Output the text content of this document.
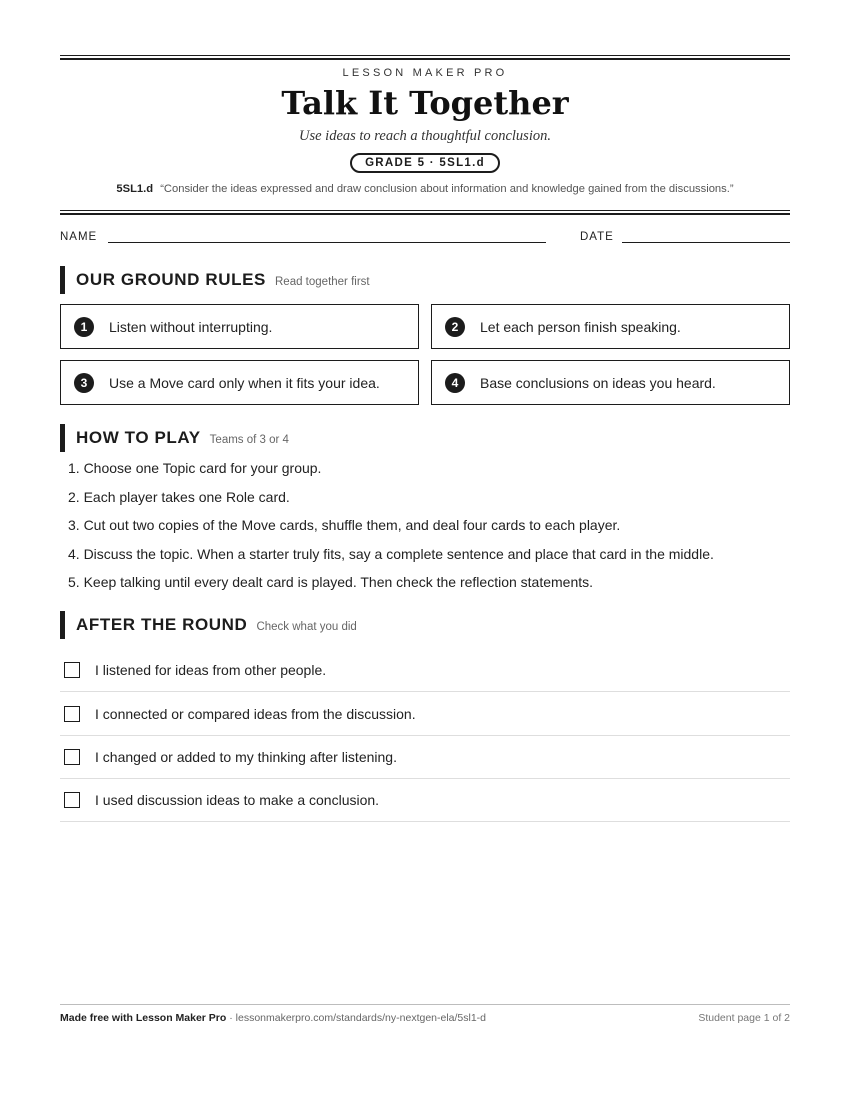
LESSON MAKER PRO
Talk It Together
Use ideas to reach a thoughtful conclusion.
GRADE 5 · 5SL1.d
5SL1.d “Consider the ideas expressed and draw conclusion about information and knowledge gained from the discussions.”
NAME	DATE
OUR GROUND RULES Read together first
1	Listen without interrupting.	2	Let each person finish speaking.
3	Use a Move card only when it fits your idea.	4	Base conclusions on ideas you heard.
HOW TO PLAY Teams of 3 or 4
1. Choose one Topic card for your group.
2. Each player takes one Role card.
3. Cut out two copies of the Move cards, shuffle them, and deal four cards to each player.
4. Discuss the topic. When a starter truly fits, say a complete sentence and place that card in the middle.
5. Keep talking until every dealt card is played. Then check the reflection statements.
AFTER THE ROUND Check what you did
I listened for ideas from other people.
I connected or compared ideas from the discussion.
I changed or added to my thinking after listening.
I used discussion ideas to make a conclusion.
Made free with Lesson Maker Pro · lessonmakerpro.com/standards/ny-nextgen-ela/5sl1-d	Student page 1 of 2
